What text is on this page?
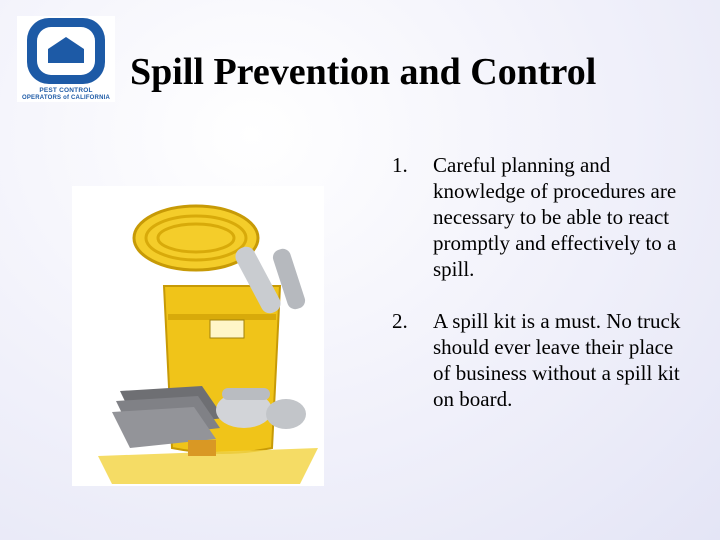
PEST CONTROL
OPERATORS of CALIFORNIA
Spill Prevention and Control
1. Careful planning and knowledge of procedures are necessary to be able to react promptly and effectively to a spill.
2. A spill kit is a must. No truck should ever leave their place of business without a spill kit on board.
